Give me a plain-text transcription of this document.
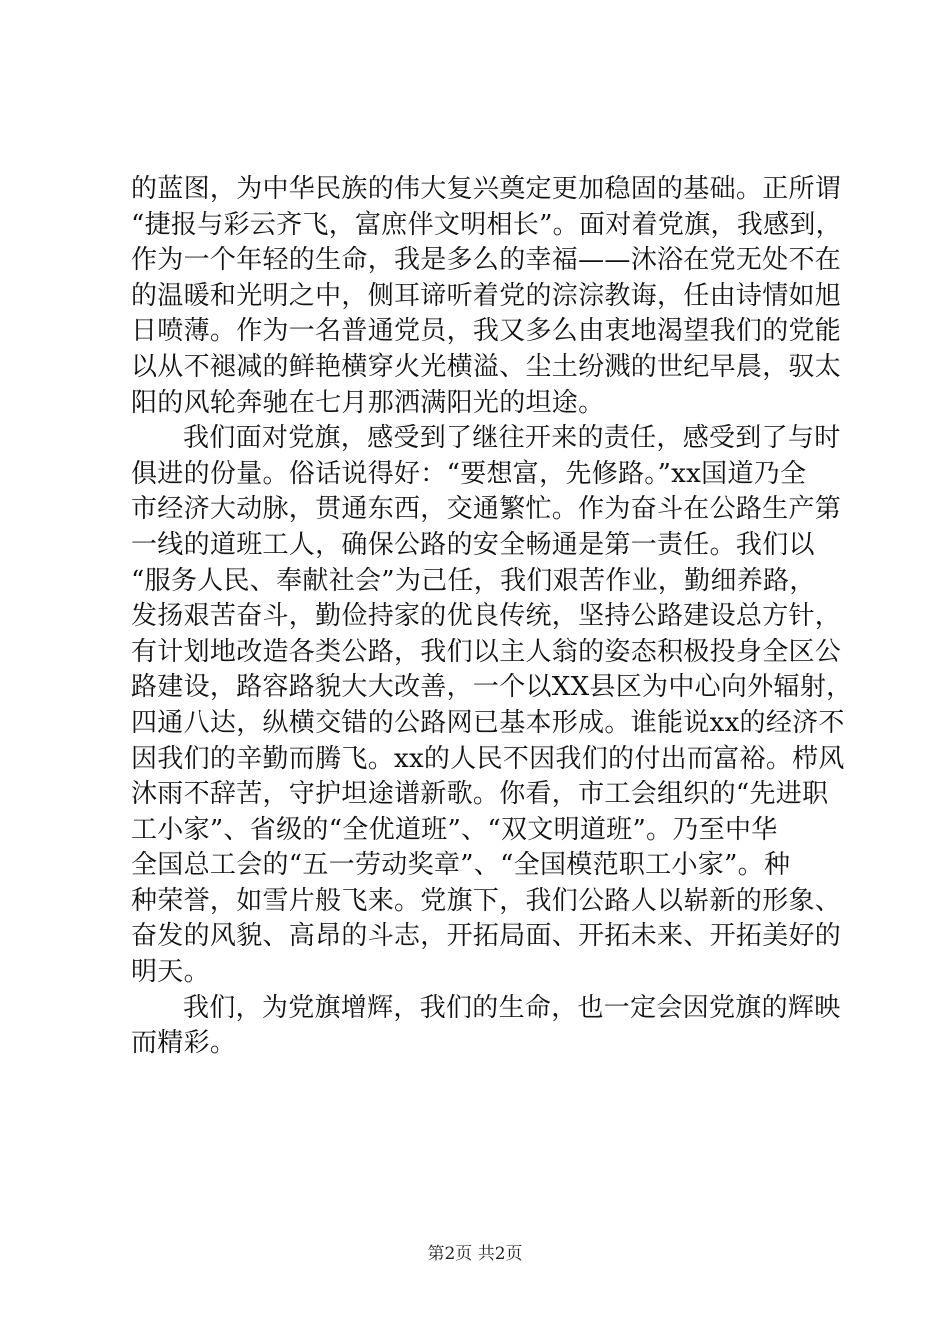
的蓝图，为中华民族的伟大复兴奠定更加稳固的基础。正所谓
“捷报与彩云齐飞，富庶伴文明相长”。面对着党旗，我感到，
作为一个年轻的生命，我是多么的幸福——沐浴在党无处不在
的温暖和光明之中，侧耳谛听着党的淙淙教诲，任由诗情如旭
日喷薄。作为一名普通党员，我又多么由衷地渴望我们的党能
以从不褪减的鲜艳横穿火光横溢、尘土纷溅的世纪早晨，驭太
阳的风轮奔驰在七月那洒满阳光的坦途。
我们面对党旗，感受到了继往开来的责任，感受到了与时
俱进的份量。俗话说得好：“要想富，先修路。”xx国道乃全
市经济大动脉，贯通东西，交通繁忙。作为奋斗在公路生产第
一线的道班工人，确保公路的安全畅通是第一责任。我们以
“服务人民、奉献社会”为己任，我们艰苦作业，勤细养路，
发扬艰苦奋斗，勤俭持家的优良传统，坚持公路建设总方针，
有计划地改造各类公路，我们以主人翁的姿态积极投身全区公
路建设，路容路貌大大改善，一个以XX县区为中心向外辐射，
四通八达，纵横交错的公路网已基本形成。谁能说xx的经济不
因我们的辛勤而腾飞。xx的人民不因我们的付出而富裕。栉风
沐雨不辞苦，守护坦途谱新歌。你看，市工会组织的“先进职
工小家”、省级的“全优道班”、“双文明道班”。乃至中华
全国总工会的“五一劳动奖章”、“全国模范职工小家”。种
种荣誉，如雪片般飞来。党旗下，我们公路人以崭新的形象、
奋发的风貌、高昂的斗志，开拓局面、开拓未来、开拓美好的
明天。
我们，为党旗增辉，我们的生命，也一定会因党旗的辉映
而精彩。
第2页 共2页
